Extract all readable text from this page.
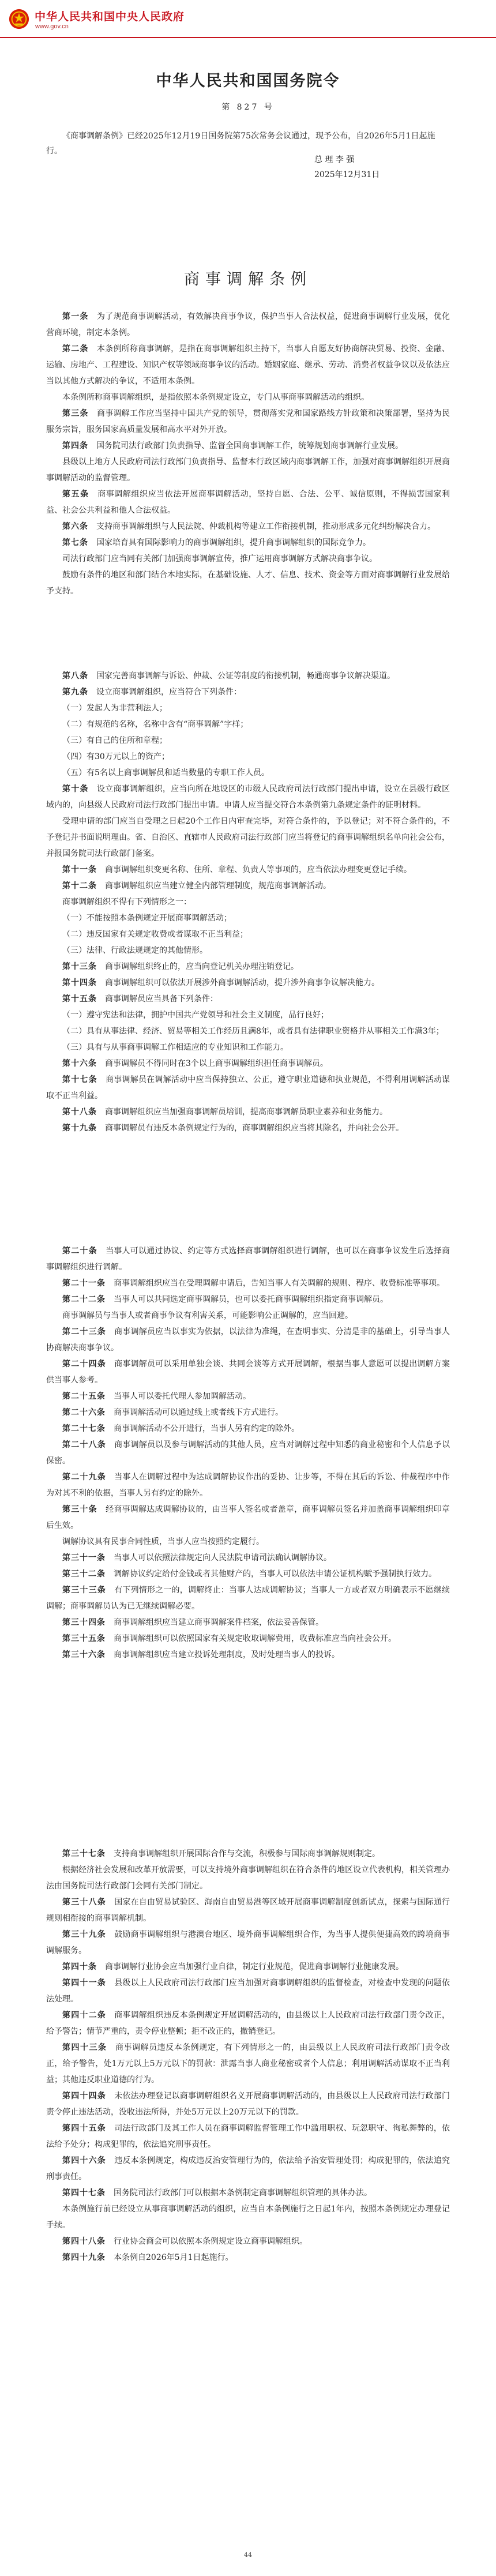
中华人民共和国中央人民政府
www.gov.cn
中华人民共和国国务院令
第 827 号
《商事调解条例》已经2025年12月19日国务院第75次常务会议通过，现予公布，自2026年5月1日起施行。
总 理 李 强
2025年12月31日
商事调解条例

第一条　 为了规范商事调解活动，有效解决商事争议，保护当事人合法权益，促进商事调解行业发展，优化营商环境，制定本条例。

第二条　 本条例所称商事调解，是指在商事调解组织主持下，当事人自愿友好协商解决贸易、投资、金融、运输、房地产、工程建设、知识产权等领域商事争议的活动。婚姻家庭、继承、劳动、消费者权益争议以及依法应当以其他方式解决的争议，不适用本条例。

本条例所称商事调解组织，是指依照本条例规定设立，专门从事商事调解活动的组织。

第三条　 商事调解工作应当坚持中国共产党的领导，贯彻落实党和国家路线方针政策和决策部署，坚持为民服务宗旨，服务国家高质量发展和高水平对外开放。

第四条　 国务院司法行政部门负责指导、监督全国商事调解工作，统筹规划商事调解行业发展。

县级以上地方人民政府司法行政部门负责指导、监督本行政区域内商事调解工作，加强对商事调解组织开展商事调解活动的监督管理。

第五条　 商事调解组织应当依法开展商事调解活动，坚持自愿、合法、公平、诚信原则，不得损害国家利益、社会公共利益和他人合法权益。

第六条　 支持商事调解组织与人民法院、仲裁机构等建立工作衔接机制，推动形成多元化纠纷解决合力。

第七条　 国家培育具有国际影响力的商事调解组织，提升商事调解组织的国际竞争力。

司法行政部门应当同有关部门加强商事调解宣传，推广运用商事调解方式解决商事争议。

鼓励有条件的地区和部门结合本地实际，在基础设施、人才、信息、技术、资金等方面对商事调解行业发展给予支持。

第八条　 国家完善商事调解与诉讼、仲裁、公证等制度的衔接机制，畅通商事争议解决渠道。

第九条　 设立商事调解组织，应当符合下列条件：

（一）发起人为非营利法人；

（二）有规范的名称，名称中含有“商事调解”字样；

（三）有自己的住所和章程；

（四）有30万元以上的资产；

（五）有5名以上商事调解员和适当数量的专职工作人员。

第十条　 设立商事调解组织，应当向所在地设区的市级人民政府司法行政部门提出申请，设立在县级行政区域内的，向县级人民政府司法行政部门提出申请。申请人应当提交符合本条例第九条规定条件的证明材料。

受理申请的部门应当自受理之日起20个工作日内审查完毕，对符合条件的，予以登记；对不符合条件的，不予登记并书面说明理由。省、自治区、直辖市人民政府司法行政部门应当将登记的商事调解组织名单向社会公布，并报国务院司法行政部门备案。

第十一条　 商事调解组织变更名称、住所、章程、负责人等事项的，应当依法办理变更登记手续。

第十二条　 商事调解组织应当建立健全内部管理制度，规范商事调解活动。

商事调解组织不得有下列情形之一：

（一）不能按照本条例规定开展商事调解活动；

（二）违反国家有关规定收费或者谋取不正当利益；

（三）法律、行政法规规定的其他情形。

第十三条　 商事调解组织终止的，应当向登记机关办理注销登记。

第十四条　 商事调解组织可以依法开展涉外商事调解活动，提升涉外商事争议解决能力。

第十五条　 商事调解员应当具备下列条件：

（一）遵守宪法和法律，拥护中国共产党领导和社会主义制度，品行良好；

（二）具有从事法律、经济、贸易等相关工作经历且满8年，或者具有法律职业资格并从事相关工作满3年；

（三）具有与从事商事调解工作相适应的专业知识和工作能力。

第十六条　 商事调解员不得同时在3个以上商事调解组织担任商事调解员。

第十七条　 商事调解员在调解活动中应当保持独立、公正，遵守职业道德和执业规范，不得利用调解活动谋取不正当利益。

第十八条　 商事调解组织应当加强商事调解员培训，提高商事调解员职业素养和业务能力。

第十九条　 商事调解员有违反本条例规定行为的，商事调解组织应当将其除名，并向社会公开。

第二十条　 当事人可以通过协议、约定等方式选择商事调解组织进行调解，也可以在商事争议发生后选择商事调解组织进行调解。

第二十一条　 商事调解组织应当在受理调解申请后，告知当事人有关调解的规则、程序、收费标准等事项。

第二十二条　 当事人可以共同选定商事调解员，也可以委托商事调解组织指定商事调解员。

商事调解员与当事人或者商事争议有利害关系，可能影响公正调解的，应当回避。

第二十三条　 商事调解员应当以事实为依据，以法律为准绳，在查明事实、分清是非的基础上，引导当事人协商解决商事争议。

第二十四条　 商事调解员可以采用单独会谈、共同会谈等方式开展调解，根据当事人意愿可以提出调解方案供当事人参考。

第二十五条　 当事人可以委托代理人参加调解活动。

第二十六条　 商事调解活动可以通过线上或者线下方式进行。

第二十七条　 商事调解活动不公开进行，当事人另有约定的除外。

第二十八条　 商事调解员以及参与调解活动的其他人员，应当对调解过程中知悉的商业秘密和个人信息予以保密。

第二十九条　 当事人在调解过程中为达成调解协议作出的妥协、让步等，不得在其后的诉讼、仲裁程序中作为对其不利的依据，当事人另有约定的除外。

第三十条　 经商事调解达成调解协议的，由当事人签名或者盖章，商事调解员签名并加盖商事调解组织印章后生效。

调解协议具有民事合同性质，当事人应当按照约定履行。

第三十一条　 当事人可以依照法律规定向人民法院申请司法确认调解协议。

第三十二条　 调解协议约定给付金钱或者其他财产的，当事人可以依法申请公证机构赋予强制执行效力。

第三十三条　 有下列情形之一的，调解终止：当事人达成调解协议；当事人一方或者双方明确表示不愿继续调解；商事调解员认为已无继续调解必要。

第三十四条　 商事调解组织应当建立商事调解案件档案，依法妥善保管。

第三十五条　 商事调解组织可以依照国家有关规定收取调解费用，收费标准应当向社会公开。

第三十六条　 商事调解组织应当建立投诉处理制度，及时处理当事人的投诉。

第三十七条　 支持商事调解组织开展国际合作与交流，积极参与国际商事调解规则制定。

根据经济社会发展和改革开放需要，可以支持境外商事调解组织在符合条件的地区设立代表机构，相关管理办法由国务院司法行政部门会同有关部门制定。

第三十八条　 国家在自由贸易试验区、海南自由贸易港等区域开展商事调解制度创新试点，探索与国际通行规则相衔接的商事调解机制。

第三十九条　 鼓励商事调解组织与港澳台地区、境外商事调解组织合作，为当事人提供便捷高效的跨境商事调解服务。

第四十条　 商事调解行业协会应当加强行业自律，制定行业规范，促进商事调解行业健康发展。

第四十一条　 县级以上人民政府司法行政部门应当加强对商事调解组织的监督检查，对检查中发现的问题依法处理。

第四十二条　 商事调解组织违反本条例规定开展调解活动的，由县级以上人民政府司法行政部门责令改正，给予警告；情节严重的，责令停业整顿；拒不改正的，撤销登记。

第四十三条　 商事调解员违反本条例规定，有下列情形之一的，由县级以上人民政府司法行政部门责令改正，给予警告，处1万元以上5万元以下的罚款：泄露当事人商业秘密或者个人信息；利用调解活动谋取不正当利益；其他违反职业道德的行为。

第四十四条　 未依法办理登记以商事调解组织名义开展商事调解活动的，由县级以上人民政府司法行政部门责令停止违法活动，没收违法所得，并处5万元以上20万元以下的罚款。

第四十五条　 司法行政部门及其工作人员在商事调解监督管理工作中滥用职权、玩忽职守、徇私舞弊的，依法给予处分；构成犯罪的，依法追究刑事责任。

第四十六条　 违反本条例规定，构成违反治安管理行为的，依法给予治安管理处罚；构成犯罪的，依法追究刑事责任。

第四十七条　 国务院司法行政部门可以根据本条例制定商事调解组织管理的具体办法。

本条例施行前已经设立从事商事调解活动的组织，应当自本条例施行之日起1年内，按照本条例规定办理登记手续。

第四十八条　 行业协会商会可以依照本条例规定设立商事调解组织。

第四十九条　 本条例自2026年5月1日起施行。

44
